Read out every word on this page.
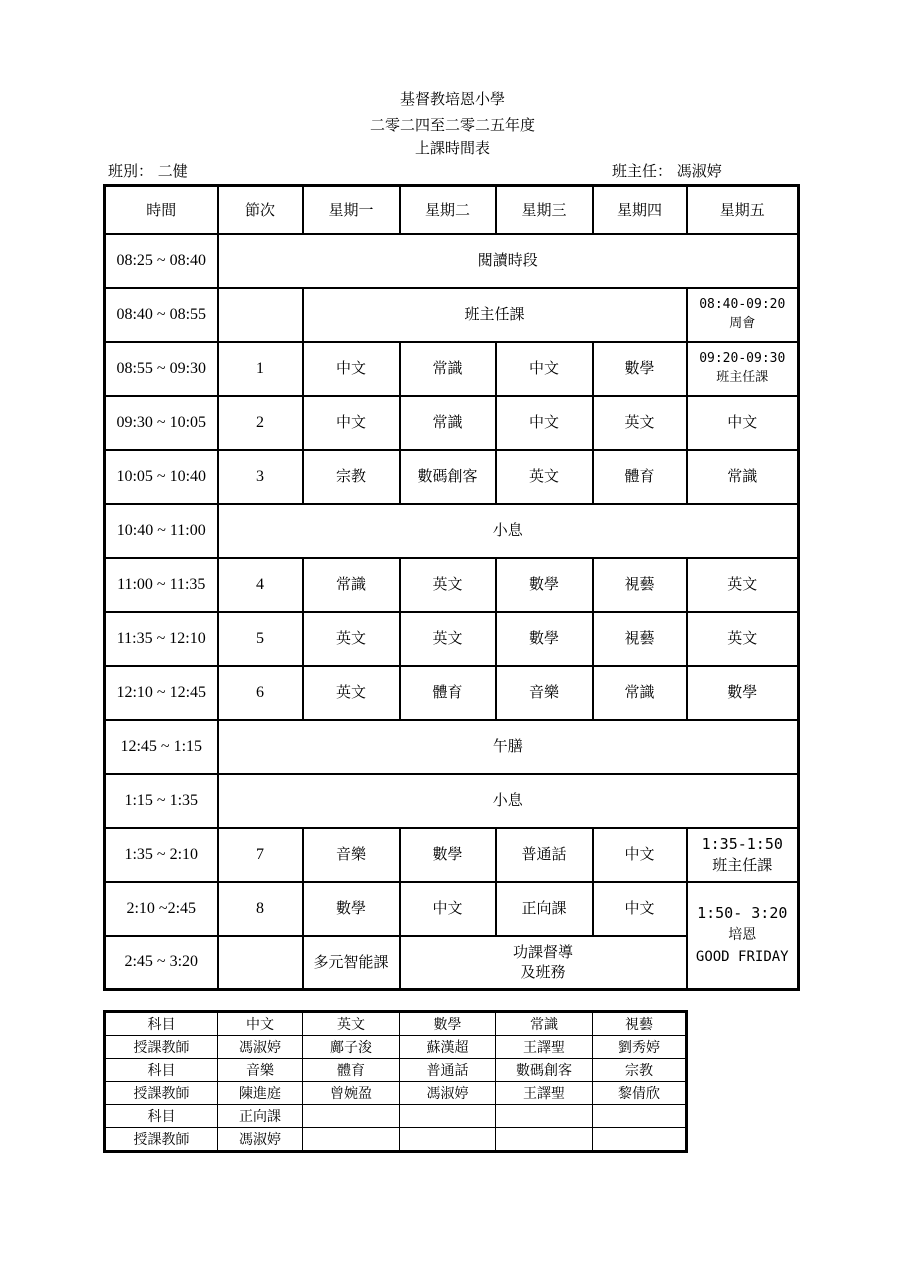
基督教培恩小學
二零二四至二零二五年度
上課時間表
班別： 二健	班主任： 馮淑婷
時間	節次	星期一	星期二	星期三	星期四	星期五
08:25 ~ 08:40	閱讀時段					
08:40 ~ 08:55		班主任課				08:40-09:20
周會
08:55 ~ 09:30	1	中文	常識	中文	數學	09:20-09:30
班主任課
09:30 ~ 10:05	2	中文	常識	中文	英文	中文
10:05 ~ 10:40	3	宗教	數碼創客	英文	體育	常識
10:40 ~ 11:00	小息					
11:00 ~ 11:35	4	常識	英文	數學	視藝	英文
11:35 ~ 12:10	5	英文	英文	數學	視藝	英文
12:10 ~ 12:45	6	英文	體育	音樂	常識	數學
12:45 ~ 1:15	午膳					
1:15 ~ 1:35	小息					
1:35 ~ 2:10	7	音樂	數學	普通話	中文	1:35-1:50
班主任課
2:10 ~2:45	8	數學	中文	正向課	中文	1:50- 3:20
培恩
GOOD FRIDAY
2:45 ~ 3:20		多元智能課	功課督導
及班務			
科目	中文	英文	數學	常識	視藝
授課教師	馮淑婷	鄺子浚	蘇漢超	王譯聖	劉秀婷
科目	音樂	體育	普通話	數碼創客	宗教
授課教師	陳進庭	曾婉盈	馮淑婷	王譯聖	黎倩欣
科目	正向課				
授課教師	馮淑婷				
